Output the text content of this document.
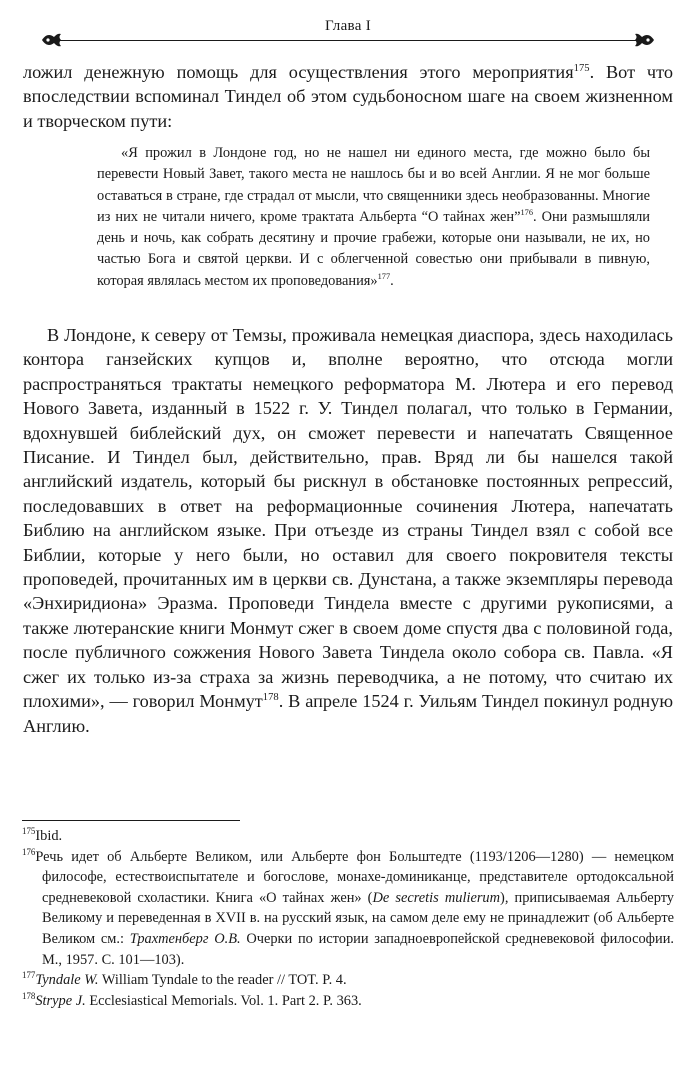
Глава I
ложил денежную помощь для осуществления этого мероприятия$^{175}$. Вот что впоследствии вспоминал Тиндел об этом судьбоносном шаге на своем жизненном и творческом пути:
«Я прожил в Лондоне год, но не нашел ни единого места, где можно было бы перевести Новый Завет, такого места не нашлось бы и во всей Англии. Я не мог больше оставаться в стране, где страдал от мысли, что священники здесь необразованны. Многие из них не читали ничего, кроме трактата Альберта “О тайнах жен”$^{176}$. Они размышляли день и ночь, как собрать десятину и прочие грабежи, которые они называли, не их, но частью Бога и святой церкви. И с облегченной совестью они прибывали в пивную, которая являлась местом их проповедования»$^{177}$.
В Лондоне, к северу от Темзы, проживала немецкая диаспора, здесь находилась контора ганзейских купцов и, вполне вероятно, что отсюда могли распространяться трактаты немецкого реформатора М. Лютера и его перевод Нового Завета, изданный в 1522 г. У. Тиндел полагал, что только в Германии, вдохнувшей библейский дух, он сможет перевести и напечатать Священное Писание. И Тиндел был, действительно, прав. Вряд ли бы нашелся такой английский издатель, который бы рискнул в обстановке постоянных репрессий, последовавших в ответ на реформационные сочинения Лютера, напечатать Библию на английском языке. При отъезде из страны Тиндел взял с собой все Библии, которые у него были, но оставил для своего покровителя тексты проповедей, прочитанных им в церкви св. Дунстана, а также экземпляры перевода «Энхиридиона» Эразма. Проповеди Тиндела вместе с другими рукописями, а также лютеранские книги Монмут сжег в своем доме спустя два с половиной года, после публичного сожжения Нового Завета Тиндела около собора св. Павла. «Я сжег их только из-за страха за жизнь переводчика, а не потому, что считаю их плохими», — говорил Монмут$^{178}$. В апреле 1524 г. Уильям Тиндел покинул родную Англию.
$^{175}$Ibid.
$^{176}$Речь идет об Альберте Великом, или Альберте фон Больштедте (1193/1206—1280) — немецком философе, естествоиспытателе и богослове, монахе-доминиканце, представителе ортодоксальной средневековой схоластики. Книга «О тайнах жен» (De secretis mulierum), приписываемая Альберту Великому и переведенная в XVII в. на русский язык, на самом деле ему не принадлежит (об Альберте Великом см.: Трахтенберг О.В. Очерки по истории западноевропейской средневековой философии. М., 1957. С. 101—103).
$^{177}$Tyndale W. William Tyndale to the reader // TOT. P. 4.
$^{178}$Strype J. Ecclesiastical Memorials. Vol. 1. Part 2. P. 363.
